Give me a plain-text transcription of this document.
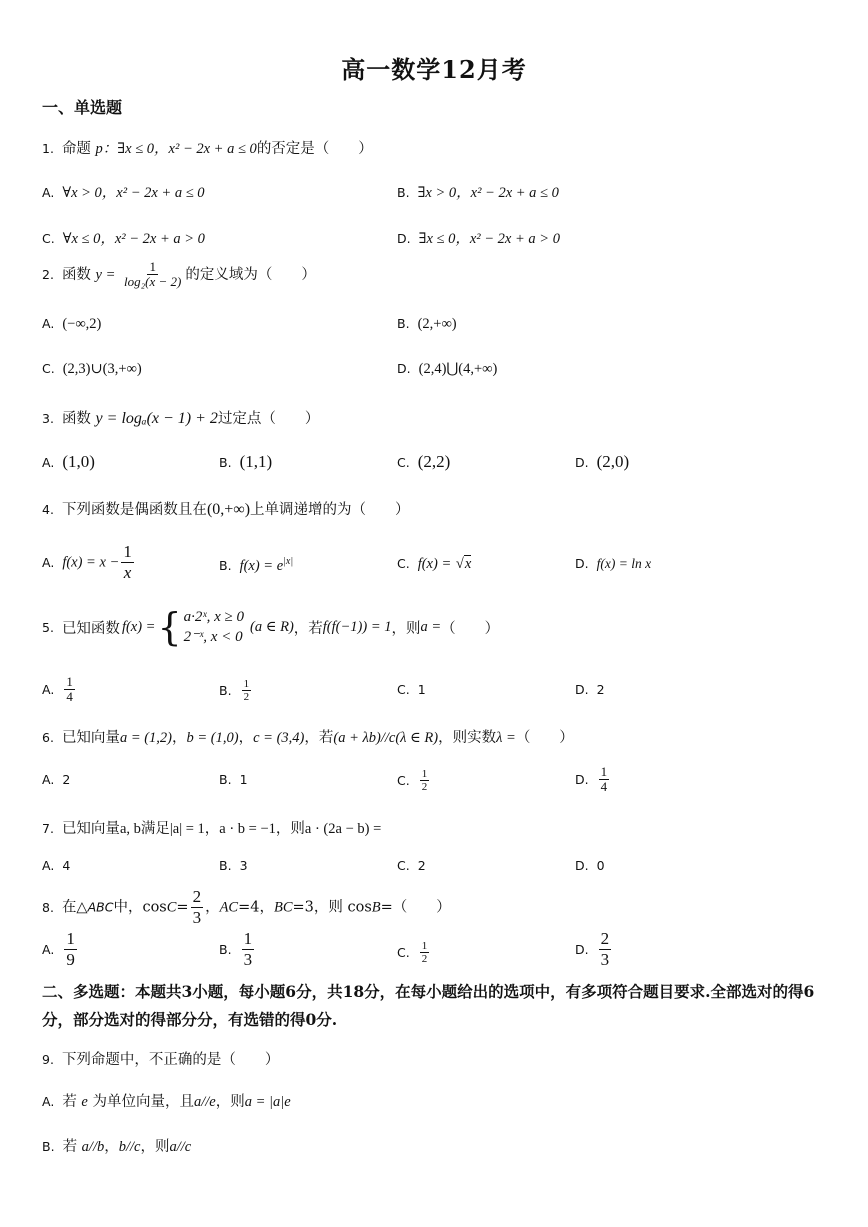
高一数学12月考
一、单选题
1. 命题 p：∃x ≤ 0，x² − 2x + a ≤ 0的否定是（　　）
A. ∀x > 0，x² − 2x + a ≤ 0	B. ∃x > 0，x² − 2x + a ≤ 0
C. ∀x ≤ 0，x² − 2x + a > 0	D. ∃x ≤ 0，x² − 2x + a > 0
2. 函数 $y = \frac{1}{\text{log₂(x − 2)}}$ 的定义域为（　　）
A. (−∞,2)	B. (2,+∞)
C. (2,3)∪(3,+∞)	D. (2,4)⋃(4,+∞)
3. 函数 y = logₐ(x − 1) + 2过定点（　　）
A. (1,0)	B. (1,1)	C. (2,2)	D. (2,0)
4. 下列函数是偶函数且在(0,+∞)上单调递增的为（　　）
A. $f(x) = x - \frac{1}{x}$	B. $f(x) = e^{|x|}$	C. f(x) = √x	D. f(x) = ln x
5. 已知函数 f(x) = { a·2ˣ, x ≥ 0
2⁻ˣ, x < 0
(a ∈ R) ，若 f(f(−1)) = 1 ，则 a = （　　）
A. $\frac{1}{4}$	B. $\frac{1}{2}$	C. 1	D. 2
6. 已知向量a = (1,2)，b = (1,0)，c = (3,4)，若(a + λb)//c(λ ∈ R)，则实数λ =（　　）
A. 2	B. 1	C. $\frac{1}{2}$	D. $\frac{1}{4}$
7. 已知向量a, b满足|a| = 1，a · b = −1，则a · (2a − b) =
A. 4	B. 3	C. 2	D. 0
8. 在△ABC中，$\cos C= \frac{2}{3}$ ，AC=4，BC=3，则 cosB=（　　）
A. $\frac{1}{9}$	B. $\frac{1}{3}$	C. $\frac{1}{2}$	D. $\frac{2}{3}$
二、多选题：本题共3小题，每小题6分，共18分，在每小题给出的选项中，有多项符合题目要求.全部选对的得6分，部分选对的得部分分，有选错的得0分.
9. 下列命题中，不正确的是（　　）
A. 若 e 为单位向量，且a//e，则a = |a|e
B. 若 a//b，b//c，则a//c
